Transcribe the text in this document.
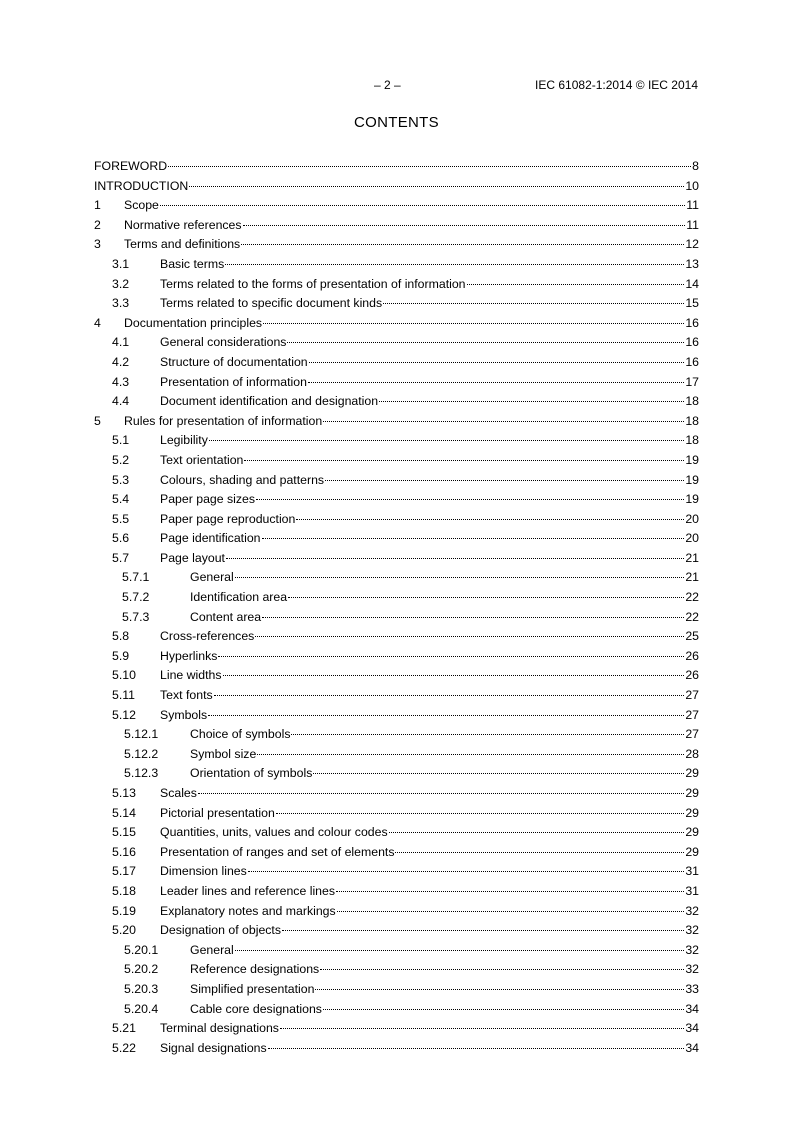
– 2 –	IEC 61082-1:2014 © IEC 2014
CONTENTS
FOREWORD	8
INTRODUCTION	10
1	Scope	11
2	Normative references	11
3	Terms and definitions	12
3.1	Basic terms	13
3.2	Terms related to the forms of presentation of information	14
3.3	Terms related to specific document kinds	15
4	Documentation principles	16
4.1	General considerations	16
4.2	Structure of documentation	16
4.3	Presentation of information	17
4.4	Document identification and designation	18
5	Rules for presentation of information	18
5.1	Legibility	18
5.2	Text orientation	19
5.3	Colours, shading and patterns	19
5.4	Paper page sizes	19
5.5	Paper page reproduction	20
5.6	Page identification	20
5.7	Page layout	21
5.7.1	General	21
5.7.2	Identification area	22
5.7.3	Content area	22
5.8	Cross-references	25
5.9	Hyperlinks	26
5.10	Line widths	26
5.11	Text fonts	27
5.12	Symbols	27
5.12.1	Choice of symbols	27
5.12.2	Symbol size	28
5.12.3	Orientation of symbols	29
5.13	Scales	29
5.14	Pictorial presentation	29
5.15	Quantities, units, values and colour codes	29
5.16	Presentation of ranges and set of elements	29
5.17	Dimension lines	31
5.18	Leader lines and reference lines	31
5.19	Explanatory notes and markings	32
5.20	Designation of objects	32
5.20.1	General	32
5.20.2	Reference designations	32
5.20.3	Simplified presentation	33
5.20.4	Cable core designations	34
5.21	Terminal designations	34
5.22	Signal designations	34
